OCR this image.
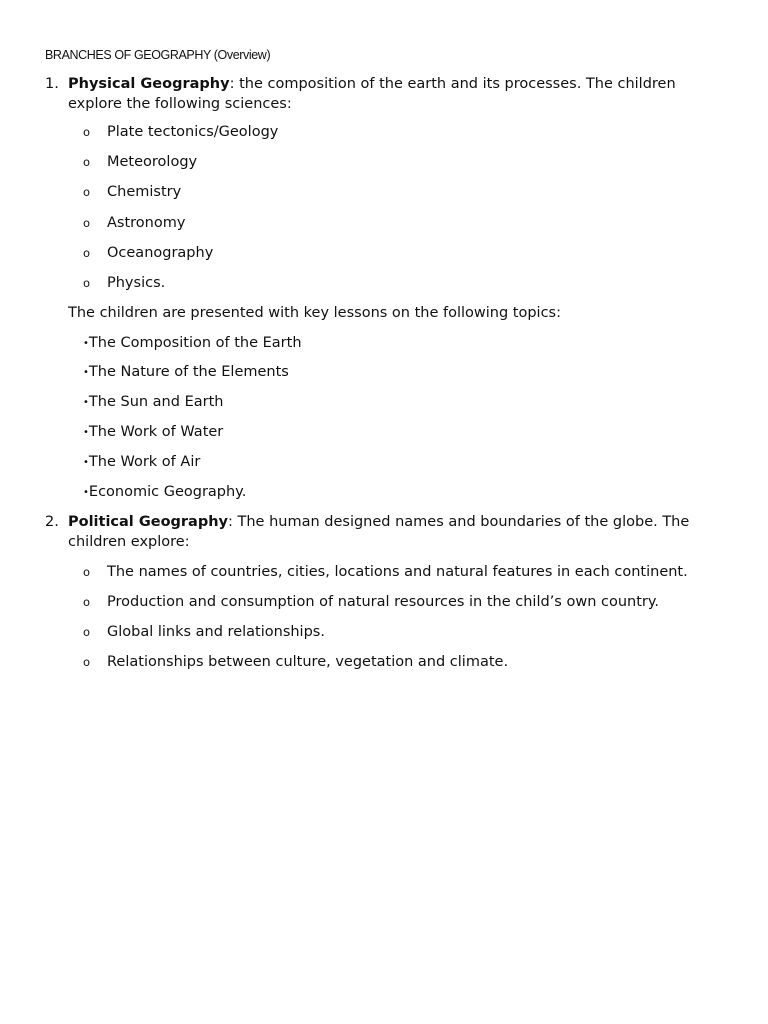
BRANCHES OF GEOGRAPHY (Overview)
1. Physical Geography: the composition of the earth and its processes. The children
explore the following sciences:
o Plate tectonics/Geology
o Meteorology
o Chemistry
o Astronomy
o Oceanography
o Physics.
The children are presented with key lessons on the following topics:
•The Composition of the Earth
•The Nature of the Elements
•The Sun and Earth
•The Work of Water
•The Work of Air
•Economic Geography.
2. Political Geography: The human designed names and boundaries of the globe. The
children explore:
o The names of countries, cities, locations and natural features in each continent.
o Production and consumption of natural resources in the child’s own country.
o Global links and relationships.
o Relationships between culture, vegetation and climate.
